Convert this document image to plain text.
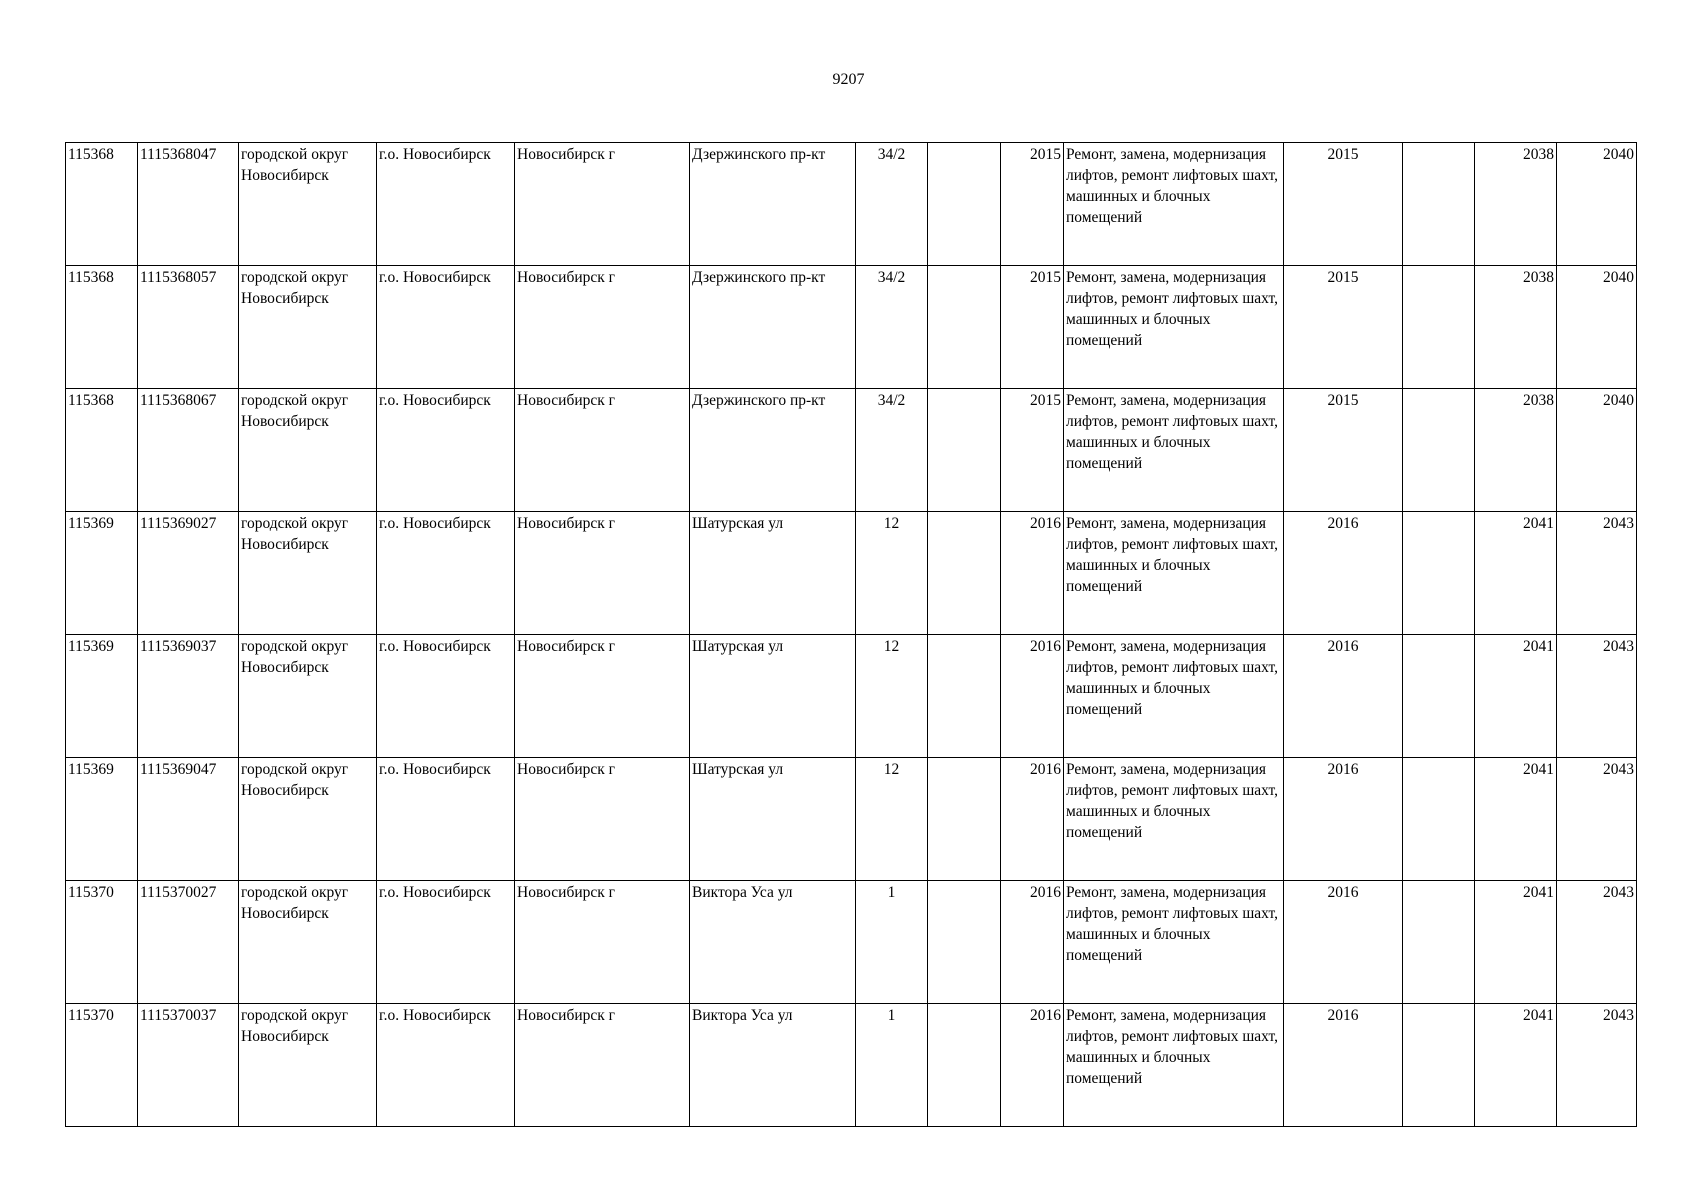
9207
115368	1115368047	городской округ Новосибирск	г.о. Новосибирск	Новосибирск г	Дзержинского пр-кт	34/2		2015	Ремонт, замена, модернизация лифтов, ремонт лифтовых шахт, машинных и блочных помещений	2015		2038	2040
115368	1115368057	городской округ Новосибирск	г.о. Новосибирск	Новосибирск г	Дзержинского пр-кт	34/2		2015	Ремонт, замена, модернизация лифтов, ремонт лифтовых шахт, машинных и блочных помещений	2015		2038	2040
115368	1115368067	городской округ Новосибирск	г.о. Новосибирск	Новосибирск г	Дзержинского пр-кт	34/2		2015	Ремонт, замена, модернизация лифтов, ремонт лифтовых шахт, машинных и блочных помещений	2015		2038	2040
115369	1115369027	городской округ Новосибирск	г.о. Новосибирск	Новосибирск г	Шатурская ул	12		2016	Ремонт, замена, модернизация лифтов, ремонт лифтовых шахт, машинных и блочных помещений	2016		2041	2043
115369	1115369037	городской округ Новосибирск	г.о. Новосибирск	Новосибирск г	Шатурская ул	12		2016	Ремонт, замена, модернизация лифтов, ремонт лифтовых шахт, машинных и блочных помещений	2016		2041	2043
115369	1115369047	городской округ Новосибирск	г.о. Новосибирск	Новосибирск г	Шатурская ул	12		2016	Ремонт, замена, модернизация лифтов, ремонт лифтовых шахт, машинных и блочных помещений	2016		2041	2043
115370	1115370027	городской округ Новосибирск	г.о. Новосибирск	Новосибирск г	Виктора Уса ул	1		2016	Ремонт, замена, модернизация лифтов, ремонт лифтовых шахт, машинных и блочных помещений	2016		2041	2043
115370	1115370037	городской округ Новосибирск	г.о. Новосибирск	Новосибирск г	Виктора Уса ул	1		2016	Ремонт, замена, модернизация лифтов, ремонт лифтовых шахт, машинных и блочных помещений	2016		2041	2043
